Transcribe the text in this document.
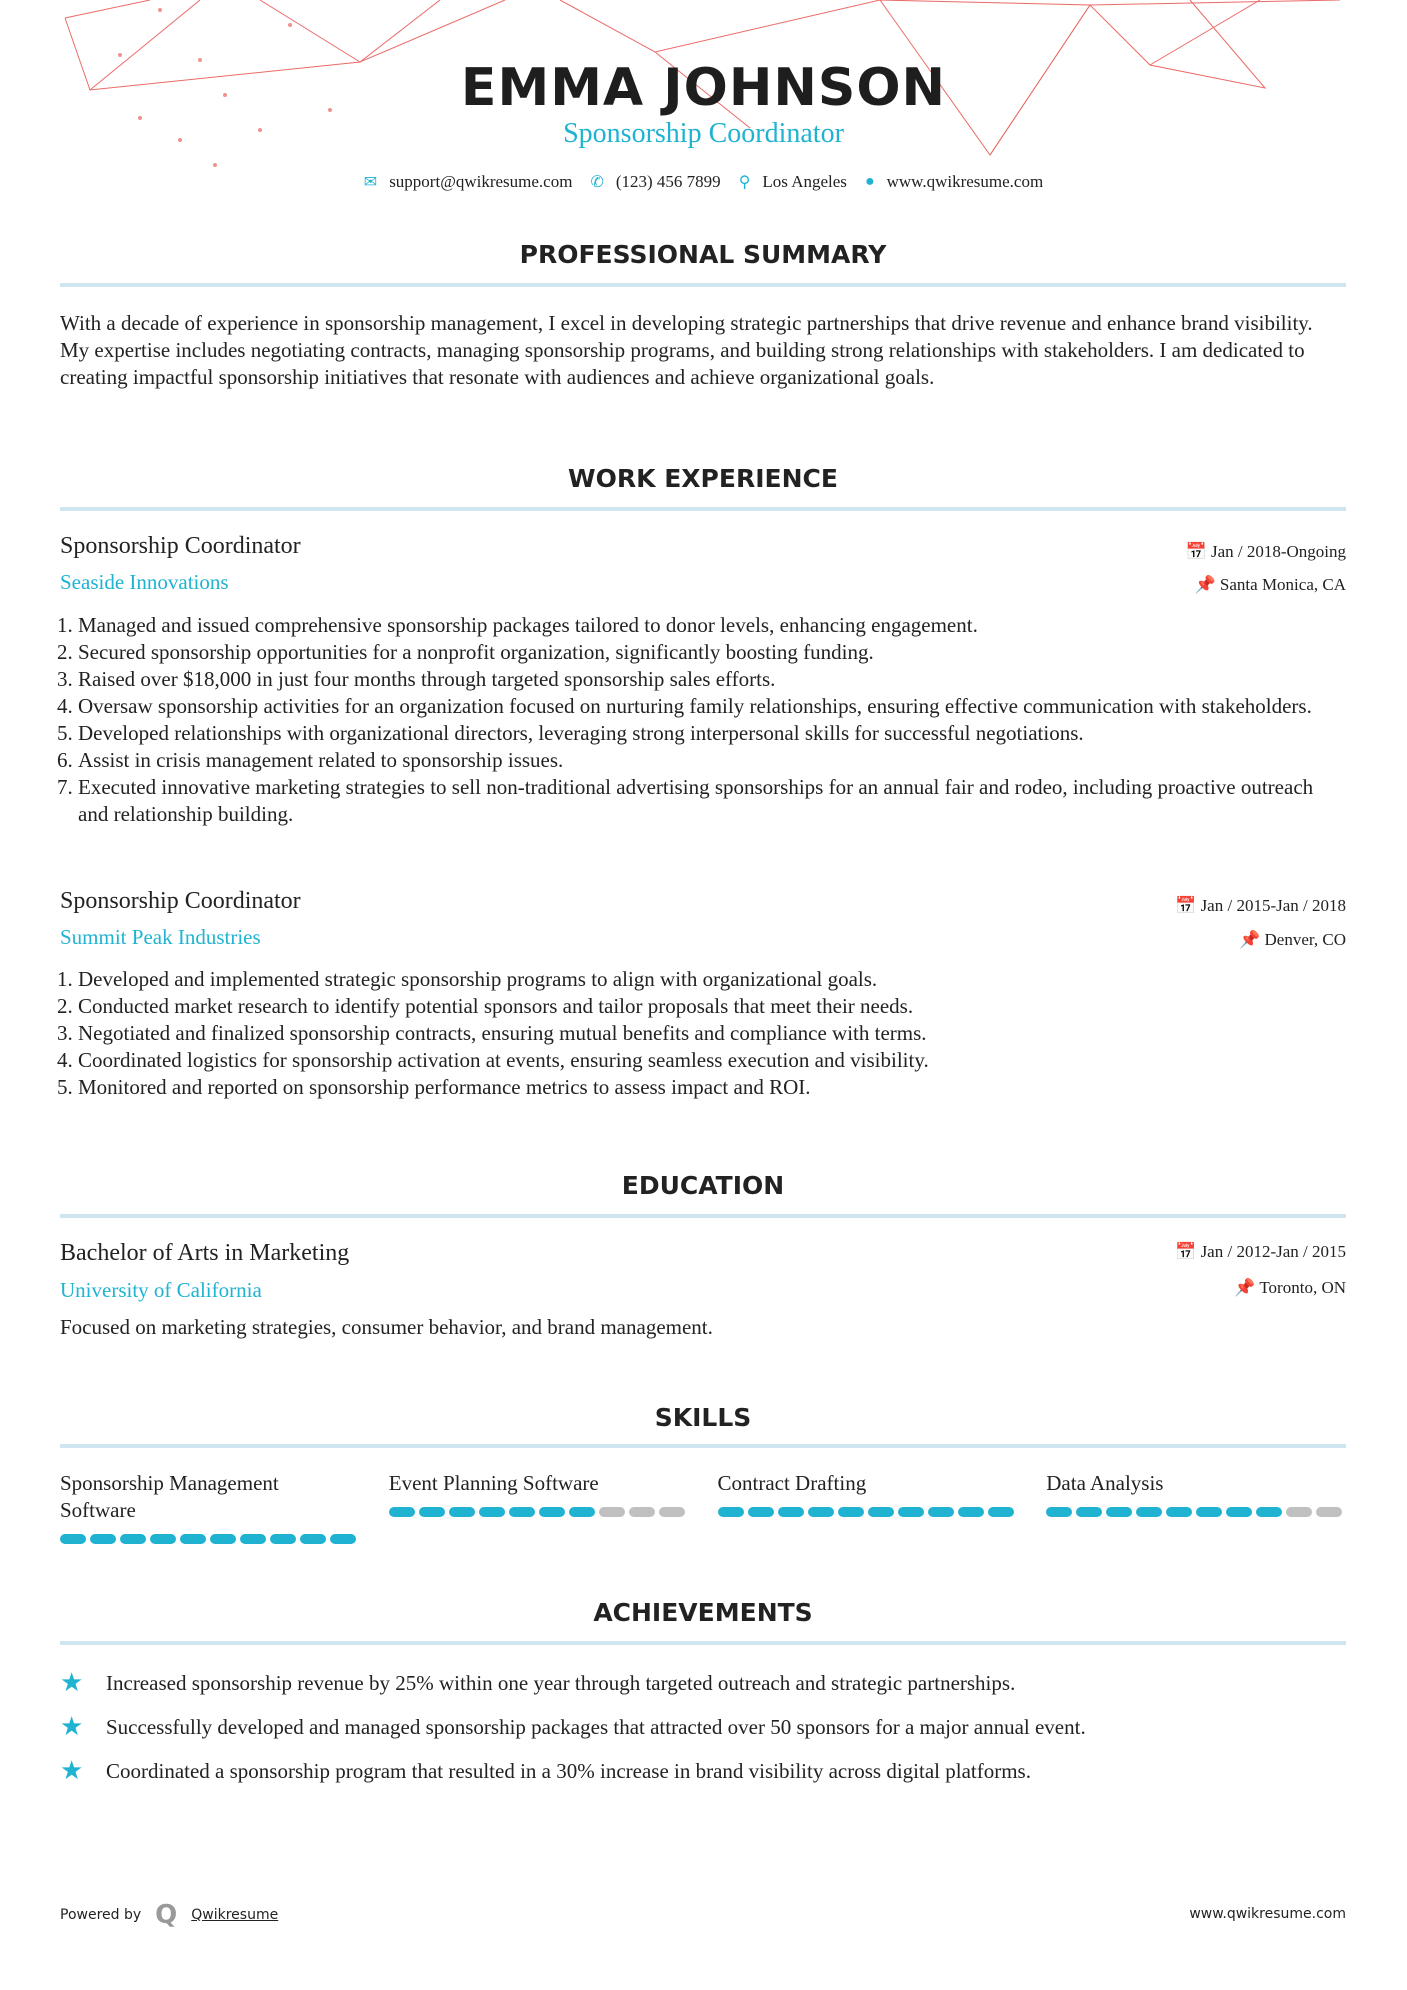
EMMA JOHNSON
Sponsorship Coordinator
✉ support@qwikresume.com ✆ (123) 456 7899 ⚲ Los Angeles ● www.qwikresume.com
PROFESSIONAL SUMMARY
With a decade of experience in sponsorship management, I excel in developing strategic partnerships that drive revenue and enhance brand visibility. My expertise includes negotiating contracts, managing sponsorship programs, and building strong relationships with stakeholders. I am dedicated to creating impactful sponsorship initiatives that resonate with audiences and achieve organizational goals.
WORK EXPERIENCE
Sponsorship Coordinator
Seaside Innovations
📅 Jan / 2018-Ongoing
📌 Santa Monica, CA
1. Managed and issued comprehensive sponsorship packages tailored to donor levels, enhancing engagement.
2. Secured sponsorship opportunities for a nonprofit organization, significantly boosting funding.
3. Raised over $18,000 in just four months through targeted sponsorship sales efforts.
4. Oversaw sponsorship activities for an organization focused on nurturing family relationships, ensuring effective communication with stakeholders.
5. Developed relationships with organizational directors, leveraging strong interpersonal skills for successful negotiations.
6. Assist in crisis management related to sponsorship issues.
7. Executed innovative marketing strategies to sell non-traditional advertising sponsorships for an annual fair and rodeo, including proactive outreach and relationship building.
Sponsorship Coordinator
Summit Peak Industries
📅 Jan / 2015-Jan / 2018
📌 Denver, CO
1. Developed and implemented strategic sponsorship programs to align with organizational goals.
2. Conducted market research to identify potential sponsors and tailor proposals that meet their needs.
3. Negotiated and finalized sponsorship contracts, ensuring mutual benefits and compliance with terms.
4. Coordinated logistics for sponsorship activation at events, ensuring seamless execution and visibility.
5. Monitored and reported on sponsorship performance metrics to assess impact and ROI.
EDUCATION
Bachelor of Arts in Marketing
University of California
📅 Jan / 2012-Jan / 2015
📌 Toronto, ON
Focused on marketing strategies, consumer behavior, and brand management.
SKILLS
Sponsorship Management Software
Event Planning Software	Contract Drafting	Data Analysis
ACHIEVEMENTS
★	Increased sponsorship revenue by 25% within one year through targeted outreach and strategic partnerships.
★	Successfully developed and managed sponsorship packages that attracted over 50 sponsors for a major annual event.
★	Coordinated a sponsorship program that resulted in a 30% increase in brand visibility across digital platforms.
Powered by Q Qwikresume	www.qwikresume.com
